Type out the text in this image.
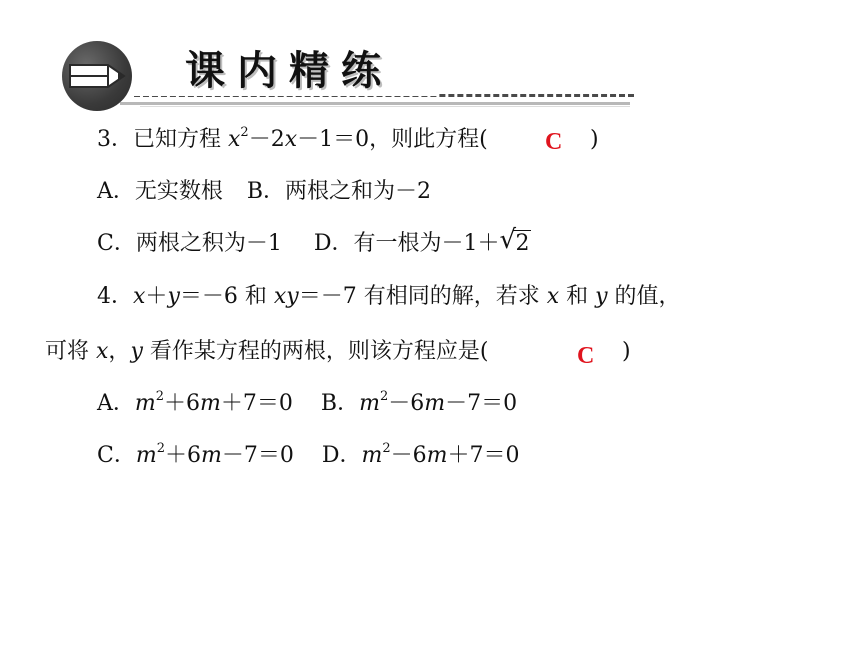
课内精练
3．已知方程 $x^2-2x-1=0$，则此方程( C )
A．无实数根 B．两根之和为－2
C．两根之积为－1 D．有一根为－1＋ √ 2
4．x＋y＝－6 和 xy＝－7 有相同的解，若求 x 和 y 的值，
可将 x，y 看作某方程的两根，则该方程应是(	C )
A．$m^2+6m+7=0$ B．$m^2-6m-7=0$
C．$m^2+6m-7=0$ D．$m^2-6m+7=0$
